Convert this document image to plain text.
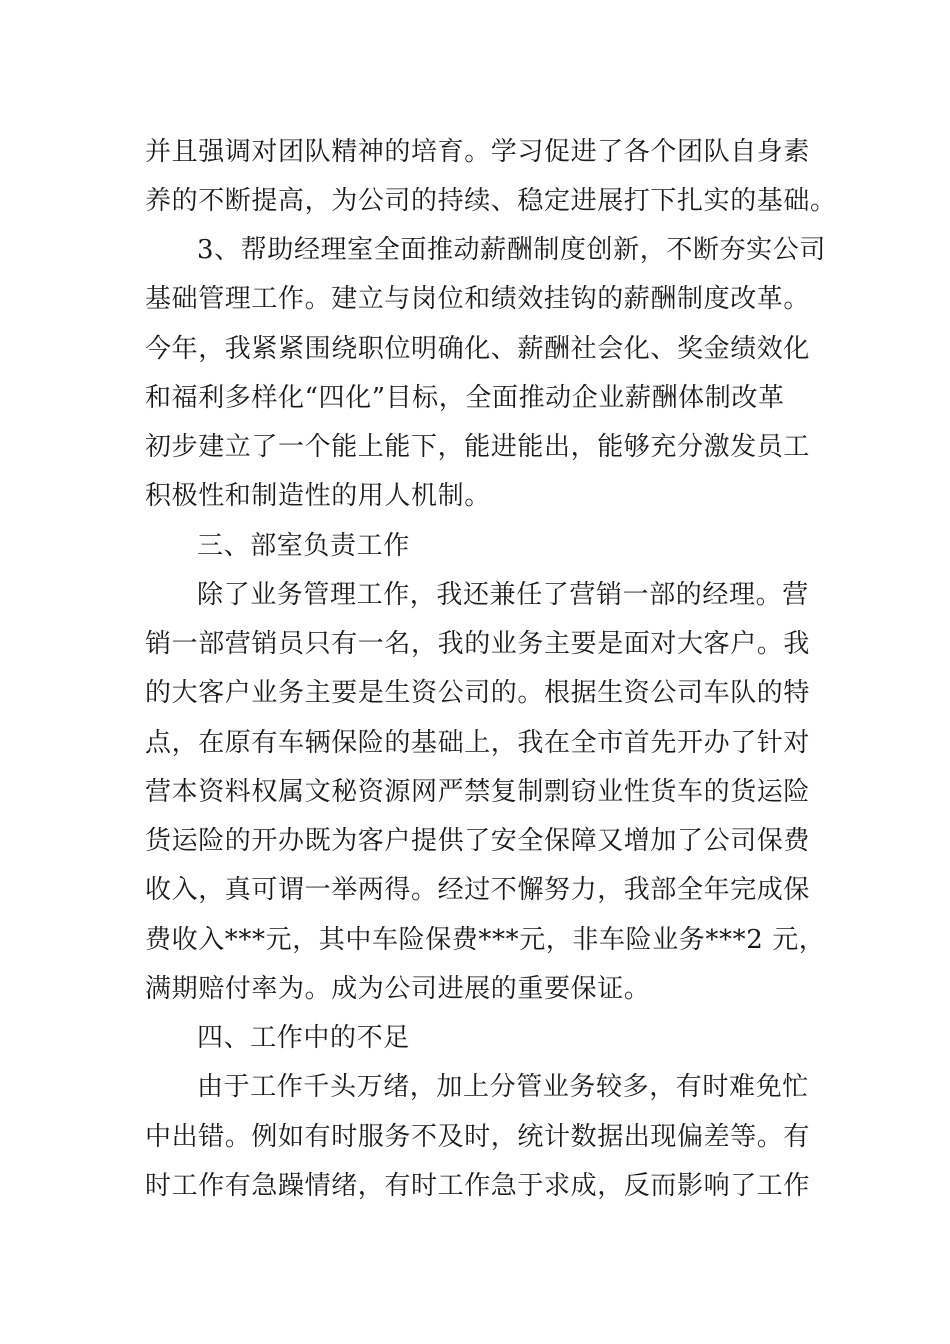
并且强调对团队精神的培育。学习促进了各个团队自身素
养的不断提高，为公司的持续、稳定进展打下扎实的基础。
3、帮助经理室全面推动薪酬制度创新，不断夯实公司
基础管理工作。建立与岗位和绩效挂钩的薪酬制度改革。
今年，我紧紧围绕职位明确化、薪酬社会化、奖金绩效化
和福利多样化“四化”目标，全面推动企业薪酬体制改革
初步建立了一个能上能下，能进能出，能够充分激发员工
积极性和制造性的用人机制。
三、部室负责工作
除了业务管理工作，我还兼任了营销一部的经理。营
销一部营销员只有一名，我的业务主要是面对大客户。我
的大客户业务主要是生资公司的。根据生资公司车队的特
点，在原有车辆保险的基础上，我在全市首先开办了针对
营本资料权属文秘资源网严禁复制剽窃业性货车的货运险
货运险的开办既为客户提供了安全保障又增加了公司保费
收入，真可谓一举两得。经过不懈努力，我部全年完成保
费收入***元，其中车险保费***元，非车险业务***2 元，
满期赔付率为。成为公司进展的重要保证。
四、工作中的不足
由于工作千头万绪，加上分管业务较多，有时难免忙
中出错。例如有时服务不及时，统计数据出现偏差等。有
时工作有急躁情绪，有时工作急于求成，反而影响了工作
